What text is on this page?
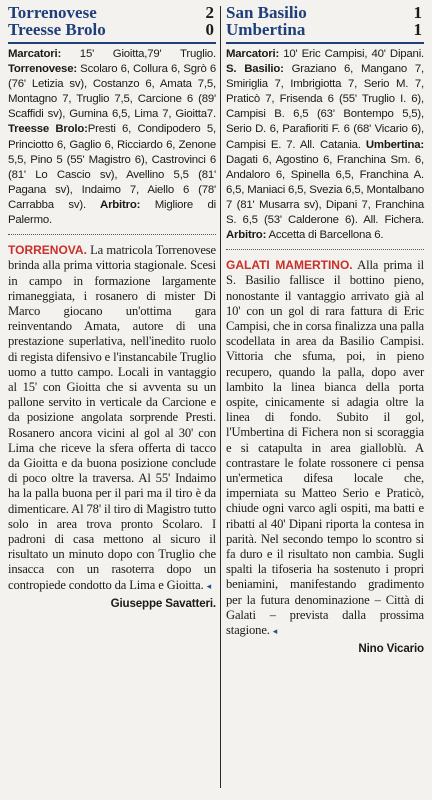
Torrenovese	2
Treesse Brolo	0
Marcatori: 15' Gioitta,79' Truglio. Torrenovese: Scolaro 6, Collura 6, Sgrò 6 (76' Letizia sv), Costanzo 6, Amata 7,5, Montagno 7, Truglio 7,5, Carcione 6 (89' Scaffidi sv), Gumina 6,5, Lima 7, Gioitta7. Treesse Brolo:Presti 6, Condipodero 5, Princiotto 6, Gaglio 6, Ricciardo 6, Zenone 5,5, Pino 5 (55' Magistro 6), Castrovinci 6 (81' Lo Cascio sv), Avellino 5,5 (81' Pagana sv), Indaimo 7, Aiello 6 (78' Carrabba sv). Arbitro: Migliore di Palermo.
TORRENOVA. La matricola Torrenovese brinda alla prima vittoria stagionale. Scesi in campo in formazione largamente rimaneggiata, i rosanero di mister Di Marco giocano un'ottima gara reinventando Amata, autore di una prestazione superlativa, nell'inedito ruolo di regista difensivo e l'instancabile Truglio uomo a tutto campo. Locali in vantaggio al 15' con Gioitta che si avventa su un pallone servito in verticale da Carcione e da posizione angolata sorprende Presti. Rosanero ancora vicini al gol al 30' con Lima che riceve la sfera offerta di tacco da Gioitta e da buona posizione conclude di poco oltre la traversa. Al 55' Indaimo ha la palla buona per il pari ma il tiro è da dimenticare. Al 78' il tiro di Magistro tutto solo in area trova pronto Scolaro. I padroni di casa mettono al sicuro il risultato un minuto dopo con Truglio che insacca con un rasoterra dopo un contropiede condotto da Lima e Gioitta. ◂
Giuseppe Savatteri.
San Basilio	1
Umbertina	1
Marcatori: 10' Eric Campisi, 40' Dipani. S. Basilio: Graziano 6, Mangano 7, Smiriglia 7, Imbrigiotta 7, Serio M. 7, Praticò 7, Frisenda 6 (55' Truglio I. 6), Campisi B. 6,5 (63' Bontempo 5,5), Serio D. 6, Parafioriti F. 6 (68' Vicario 6), Campisi E. 7. All. Catania. Umbertina: Dagati 6, Agostino 6, Franchina Sm. 6, Andaloro 6, Spinella 6,5, Franchina A. 6,5, Maniaci 6,5, Svezia 6,5, Montalbano 7 (81' Musarra sv), Dipani 7, Franchina S. 6,5 (53' Calderone 6). All. Fichera. Arbitro: Accetta di Barcellona 6.
GALATI MAMERTINO. Alla prima il S. Basilio fallisce il bottino pieno, nonostante il vantaggio arrivato già al 10' con un gol di rara fattura di Eric Campisi, che in corsa finalizza una palla scodellata in area da Basilio Campisi. Vittoria che sfuma, poi, in pieno recupero, quando la palla, dopo aver lambito la linea bianca della porta ospite, cinicamente si adagia oltre la linea di fondo. Subito il gol, l'Umbertina di Fichera non si scoraggia e si catapulta in area gialloblù. A contrastare le folate rossonere ci pensa un'ermetica difesa locale che, imperniata su Matteo Serio e Praticò, chiude ogni varco agli ospiti, ma batti e ribatti al 40' Dipani riporta la contesa in parità. Nel secondo tempo lo scontro si fa duro e il risultato non cambia. Sugli spalti la tifoseria ha sostenuto i propri beniamini, manifestando gradimento per la futura denominazione – Città di Galati – prevista dalla prossima stagione. ◂
Nino Vicario
